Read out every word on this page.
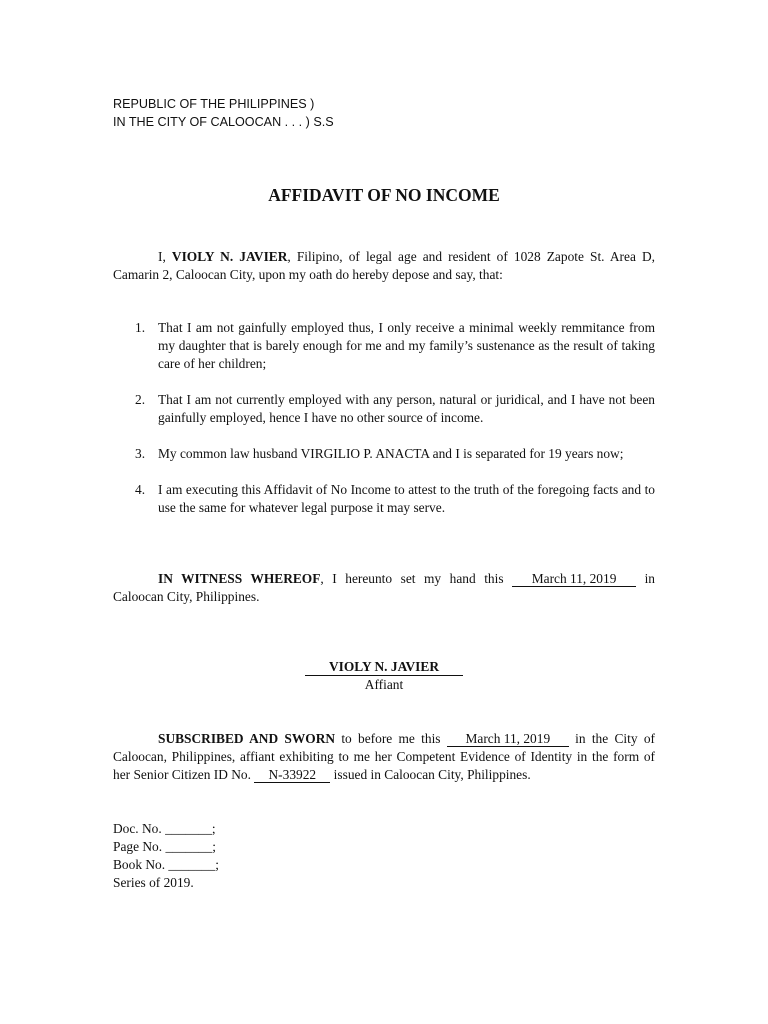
REPUBLIC OF THE PHILIPPINES )
IN THE CITY OF CALOOCAN . . . ) S.S
AFFIDAVIT OF NO INCOME
I, VIOLY N. JAVIER, Filipino, of legal age and resident of 1028 Zapote St. Area D, Camarin 2, Caloocan City, upon my oath do hereby depose and say, that:
1. That I am not gainfully employed thus, I only receive a minimal weekly remmitance from my daughter that is barely enough for me and my family’s sustenance as the result of taking care of her children;
2. That I am not currently employed with any person, natural or juridical, and I have not been gainfully employed, hence I have no other source of income.
3. My common law husband VIRGILIO P. ANACTA and I is separated for 19 years now;
4. I am executing this Affidavit of No Income to attest to the truth of the foregoing facts and to use the same for whatever legal purpose it may serve.
IN WITNESS WHEREOF, I hereunto set my hand this March 11, 2019 in Caloocan City, Philippines.
VIOLY N. JAVIER
Affiant
SUBSCRIBED AND SWORN to before me this March 11, 2019 in the City of Caloocan, Philippines, affiant exhibiting to me her Competent Evidence of Identity in the form of her Senior Citizen ID No. N-33922 issued in Caloocan City, Philippines.
Doc. No. _______;
Page No. _______;
Book No. _______;
Series of 2019.
